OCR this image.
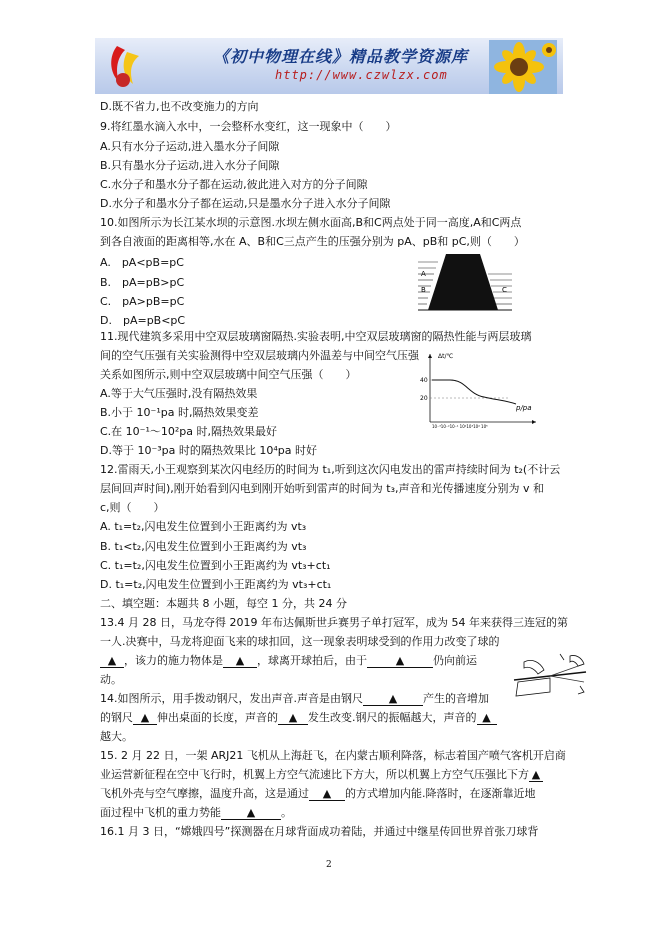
《初中物理在线》精品教学资源库
http://www.czwlzx.com
D.既不省力,也不改变施力的方向
9.将红墨水滴入水中，一会整杯水变红，这一现象中（　　）
A.只有水分子运动,进入墨水分子间隙
B.只有墨水分子运动,进入水分子间隙
C.水分子和墨水分子都在运动,彼此进入对方的分子间隙
D.水分子和墨水分子都在运动,只是墨水分子进入水分子间隙
10.如图所示为长江某水坝的示意图.水坝左侧水面高,B和C两点处于同一高度,A和C两点
到各自液面的距离相等,水在 A、B和C三点产生的压强分别为 pA、pB和 pC,则（　　）
A.　pA<pB=pC
B.　pA=pB>pC
C.　pA>pB=pC
D.　pA=pB<pC
11.现代建筑多采用中空双层玻璃窗隔热.实验表明,中空双层玻璃窗的隔热性能与两层玻璃
间的空气压强有关实验测得中空双层玻璃内外温差与中间空气压强
关系如图所示,则中空双层玻璃中间空气压强（　　）
A.等于大气压强时,没有隔热效果
B.小于 10⁻¹pa 时,隔热效果变差
C.在 10⁻¹～10²pa 时,隔热效果最好
D.等于 10⁻³pa 时的隔热效果比 10⁴pa 时好
12.雷雨天,小王观察到某次闪电经历的时间为 t₁,听到这次闪电发出的雷声持续时间为 t₂(不计云
层间回声时间),刚开始看到闪电到刚开始听到雷声的时间为 t₃,声音和光传播速度分别为 v 和
c,则（　　）
A. t₁=t₂,闪电发生位置到小王距离约为 vt₃
B. t₁<t₂,闪电发生位置到小王距离约为 vt₃
C. t₁=t₂,闪电发生位置到小王距离约为 vt₃+ct₁
D. t₁=t₂,闪电发生位置到小王距离约为 vt₃+ct₁
二、填空题：本题共 8 小题，每空 1 分，共 24 分
13.4 月 28 日，马龙夺得 2019 年布达佩斯世乒赛男子单打冠军，成为 54 年来获得三连冠的第
一人.决赛中，马龙将迎面飞来的球扣回，这一现象表明球受到的作用力改变了球的
▲ ，该力的施力物体是 ▲ ，球离开球拍后，由于	▲	仍向前运
动。
14.如图所示，用手拨动钢尺，发出声音.声音是由钢尺 ▲ 产生的音增加
的钢尺 ▲ 伸出桌面的长度，声音的 ▲ 发生改变.钢尺的振幅越大，声音的 ▲
越大。
15. 2 月 22 日，一架 ARJ21 飞机从上海赶飞，在内蒙古顺利降落，标志着国产喷气客机开启商
业运营新征程在空中飞行时，机翼上方空气流速比下方大，所以机翼上方空气压强比下方 ▲
飞机外壳与空气摩擦，温度升高，这是通过 ▲ 的方式增加内能.降落时，在逐渐靠近地
面过程中飞机的重力势能 ▲ 。
16.1 月 3 日，“嫦娥四号”探测器在月球背面成功着陆，并通过中继星传回世界首张刀球背
A
B	C
Δt/℃
40
20
p/pa
10⁻³10⁻²10⁻¹ 10²10³10⁴ 10⁵
2
